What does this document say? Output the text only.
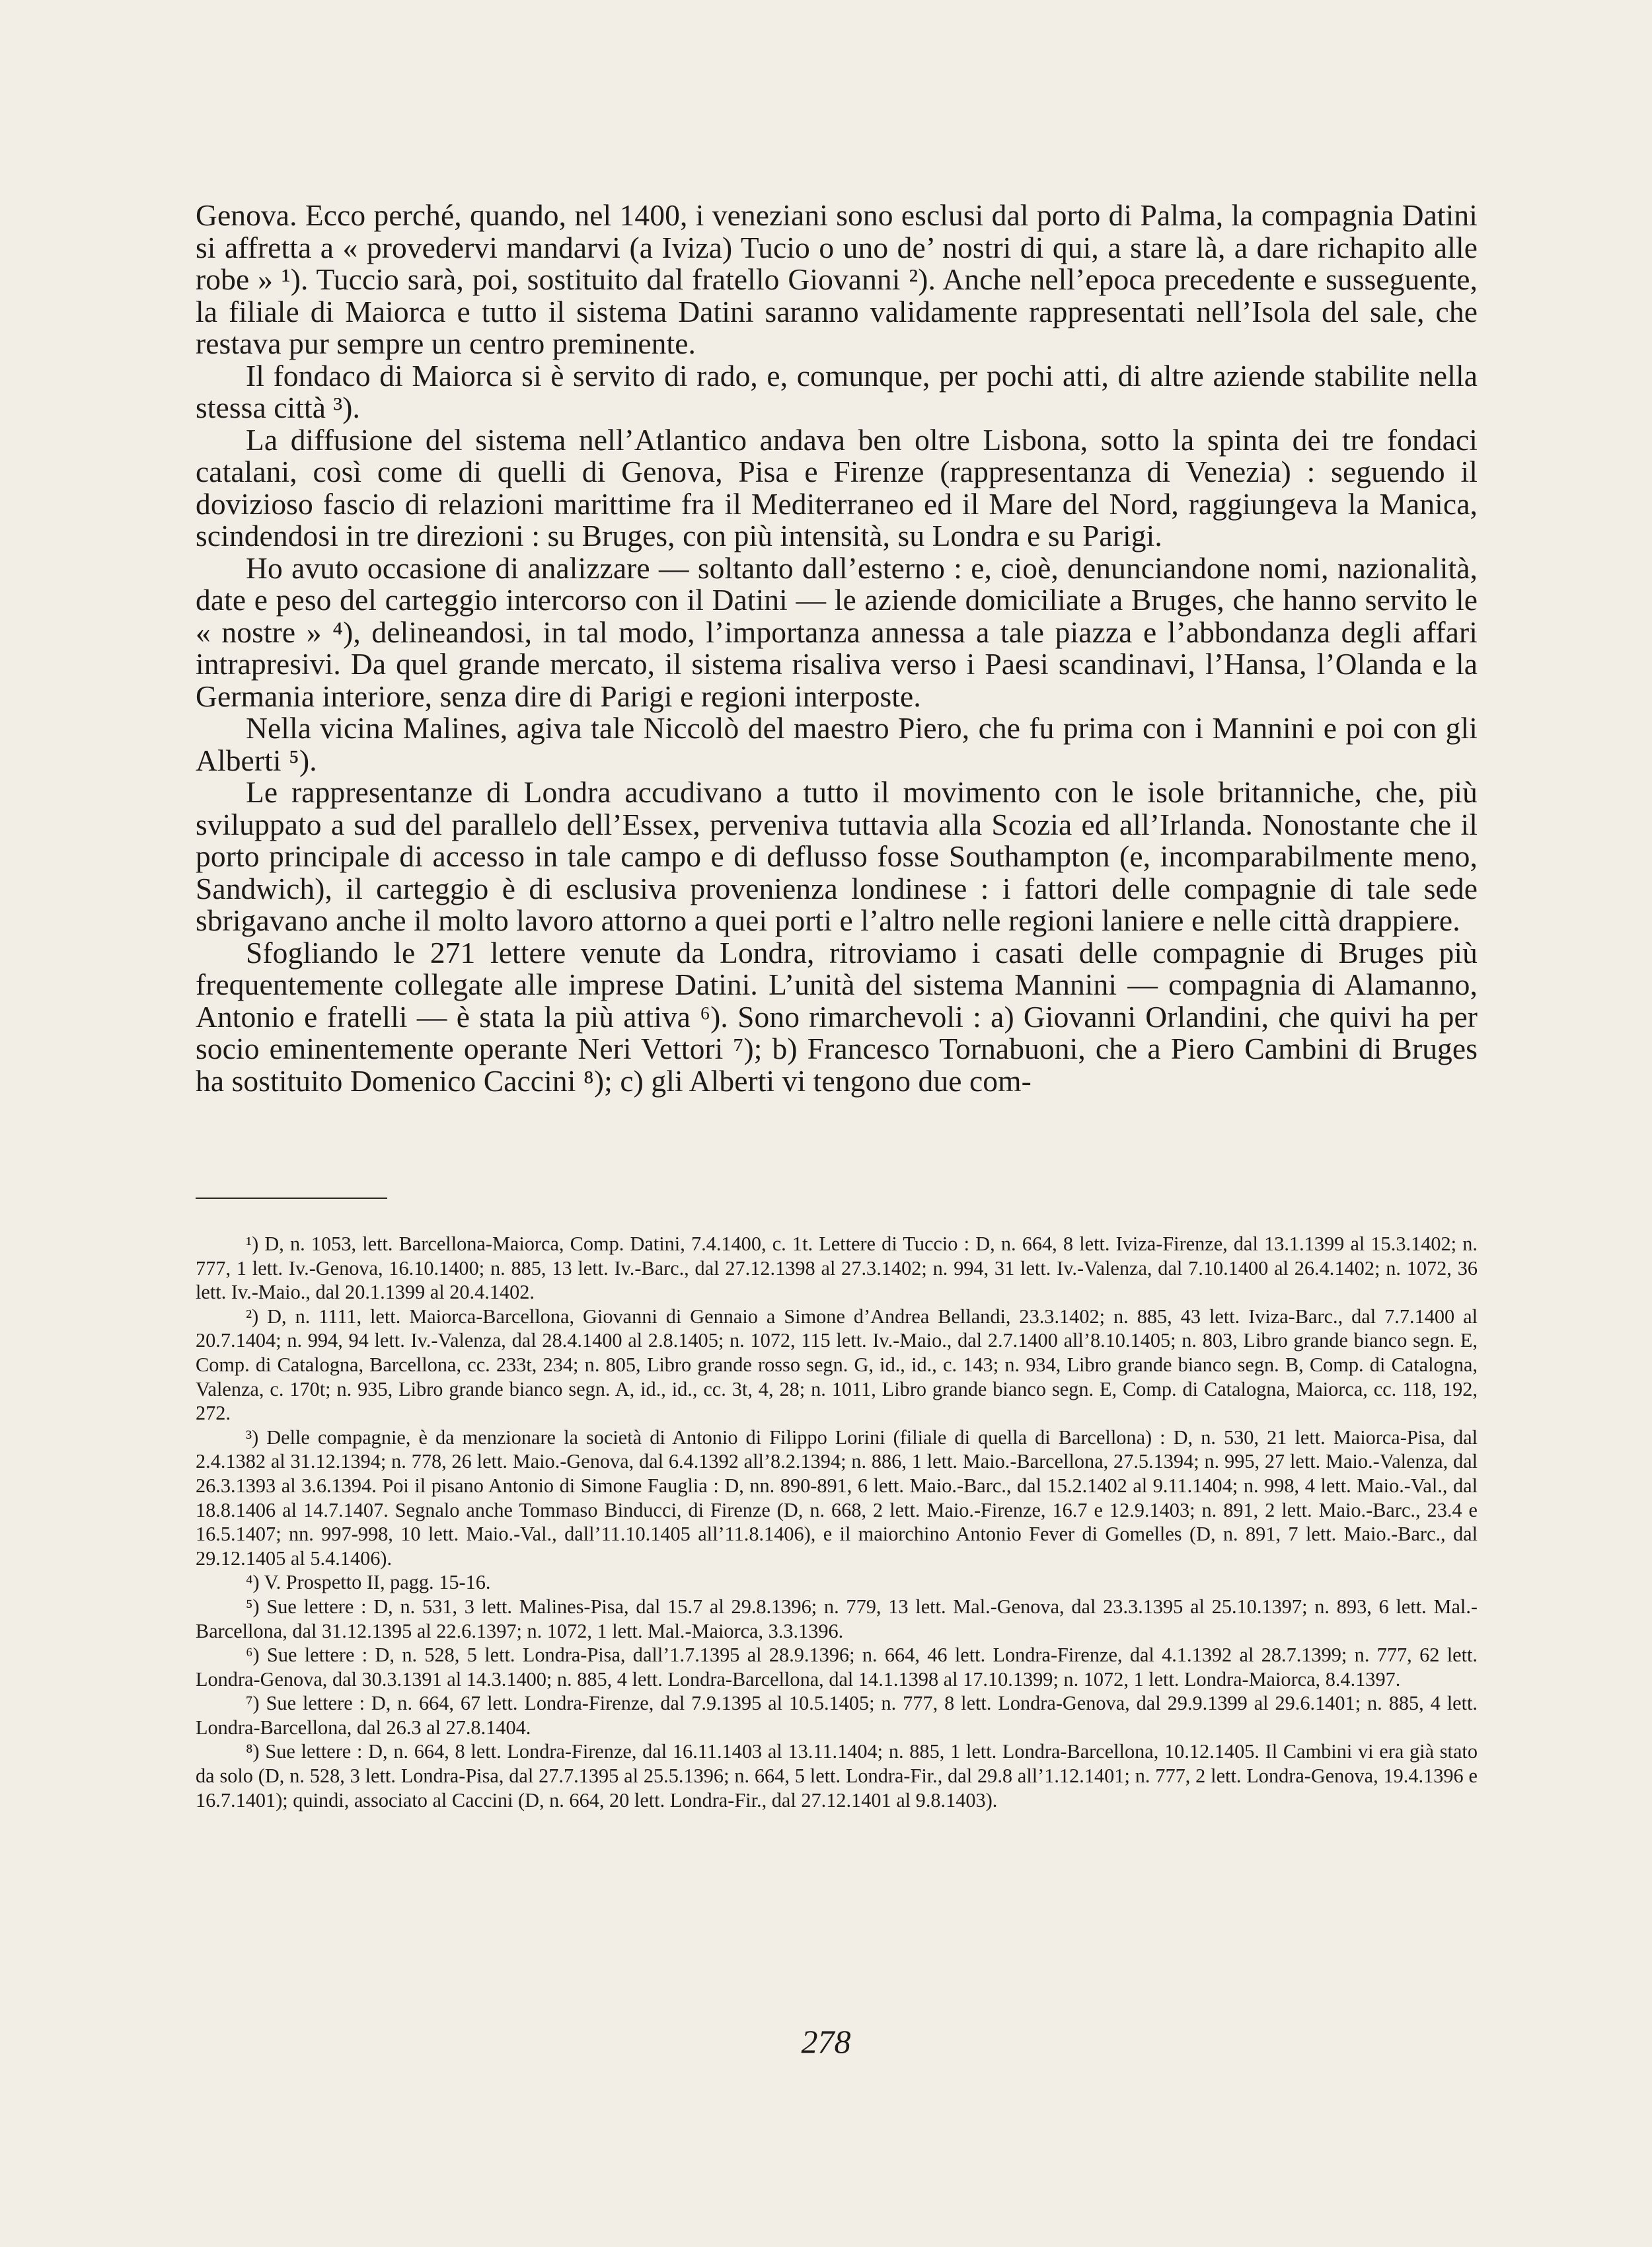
Genova. Ecco perché, quando, nel 1400, i veneziani sono esclusi dal porto di Palma, la compagnia Datini si affretta a « provedervi mandarvi (a Iviza) Tucio o uno de’ nostri di qui, a stare là, a dare richapito alle robe » ¹). Tuccio sarà, poi, sostituito dal fratello Giovanni ²). Anche nell’epoca precedente e susseguente, la filiale di Maiorca e tutto il sistema Datini saranno validamente rappresentati nell’Isola del sale, che restava pur sempre un centro preminente.

Il fondaco di Maiorca si è servito di rado, e, comunque, per pochi atti, di altre aziende stabilite nella stessa città ³).

La diffusione del sistema nell’Atlantico andava ben oltre Lisbona, sotto la spinta dei tre fondaci catalani, così come di quelli di Genova, Pisa e Firenze (rappresentanza di Venezia) : seguendo il dovizioso fascio di relazioni marittime fra il Mediterraneo ed il Mare del Nord, raggiungeva la Manica, scindendosi in tre direzioni : su Bruges, con più intensità, su Londra e su Parigi.

Ho avuto occasione di analizzare — soltanto dall’esterno : e, cioè, denunciandone nomi, nazionalità, date e peso del carteggio intercorso con il Datini — le aziende domiciliate a Bruges, che hanno servito le « nostre » ⁴), delineandosi, in tal modo, l’importanza annessa a tale piazza e l’abbondanza degli affari intrapresivi. Da quel grande mercato, il sistema risaliva verso i Paesi scandinavi, l’Hansa, l’Olanda e la Germania interiore, senza dire di Parigi e regioni interposte.

Nella vicina Malines, agiva tale Niccolò del maestro Piero, che fu prima con i Mannini e poi con gli Alberti ⁵).

Le rappresentanze di Londra accudivano a tutto il movimento con le isole britanniche, che, più sviluppato a sud del parallelo dell’Essex, perveniva tuttavia alla Scozia ed all’Irlanda. Nonostante che il porto principale di accesso in tale campo e di deflusso fosse Southampton (e, incomparabilmente meno, Sandwich), il carteggio è di esclusiva provenienza londinese : i fattori delle compagnie di tale sede sbrigavano anche il molto lavoro attorno a quei porti e l’altro nelle regioni laniere e nelle città drappiere.

Sfogliando le 271 lettere venute da Londra, ritroviamo i casati delle compagnie di Bruges più frequentemente collegate alle imprese Datini. L’unità del sistema Mannini — compagnia di Alamanno, Antonio e fratelli — è stata la più attiva ⁶). Sono rimarchevoli : a) Giovanni Orlandini, che quivi ha per socio eminentemente operante Neri Vettori ⁷); b) Francesco Tornabuoni, che a Piero Cambini di Bruges ha sostituito Domenico Caccini ⁸); c) gli Alberti vi tengono due com-

¹) D, n. 1053, lett. Barcellona-Maiorca, Comp. Datini, 7.4.1400, c. 1t. Lettere di Tuccio : D, n. 664, 8 lett. Iviza-Firenze, dal 13.1.1399 al 15.3.1402; n. 777, 1 lett. Iv.-Genova, 16.10.1400; n. 885, 13 lett. Iv.-Barc., dal 27.12.1398 al 27.3.1402; n. 994, 31 lett. Iv.-Valenza, dal 7.10.1400 al 26.4.1402; n. 1072, 36 lett. Iv.-Maio., dal 20.1.1399 al 20.4.1402.

²) D, n. 1111, lett. Maiorca-Barcellona, Giovanni di Gennaio a Simone d’Andrea Bellandi, 23.3.1402; n. 885, 43 lett. Iviza-Barc., dal 7.7.1400 al 20.7.1404; n. 994, 94 lett. Iv.-Valenza, dal 28.4.1400 al 2.8.1405; n. 1072, 115 lett. Iv.-Maio., dal 2.7.1400 all’8.10.1405; n. 803, Libro grande bianco segn. E, Comp. di Catalogna, Barcellona, cc. 233t, 234; n. 805, Libro grande rosso segn. G, id., id., c. 143; n. 934, Libro grande bianco segn. B, Comp. di Catalogna, Valenza, c. 170t; n. 935, Libro grande bianco segn. A, id., id., cc. 3t, 4, 28; n. 1011, Libro grande bianco segn. E, Comp. di Catalogna, Maiorca, cc. 118, 192, 272.

³) Delle compagnie, è da menzionare la società di Antonio di Filippo Lorini (filiale di quella di Barcellona) : D, n. 530, 21 lett. Maiorca-Pisa, dal 2.4.1382 al 31.12.1394; n. 778, 26 lett. Maio.-Genova, dal 6.4.1392 all’8.2.1394; n. 886, 1 lett. Maio.-Barcellona, 27.5.1394; n. 995, 27 lett. Maio.-Valenza, dal 26.3.1393 al 3.6.1394. Poi il pisano Antonio di Simone Fauglia : D, nn. 890-891, 6 lett. Maio.-Barc., dal 15.2.1402 al 9.11.1404; n. 998, 4 lett. Maio.-Val., dal 18.8.1406 al 14.7.1407. Segnalo anche Tommaso Binducci, di Firenze (D, n. 668, 2 lett. Maio.-Firenze, 16.7 e 12.9.1403; n. 891, 2 lett. Maio.-Barc., 23.4 e 16.5.1407; nn. 997-998, 10 lett. Maio.-Val., dall’11.10.1405 all’11.8.1406), e il maiorchino Antonio Fever di Gomelles (D, n. 891, 7 lett. Maio.-Barc., dal 29.12.1405 al 5.4.1406).

⁴) V. Prospetto II, pagg. 15-16.

⁵) Sue lettere : D, n. 531, 3 lett. Malines-Pisa, dal 15.7 al 29.8.1396; n. 779, 13 lett. Mal.-Genova, dal 23.3.1395 al 25.10.1397; n. 893, 6 lett. Mal.-Barcellona, dal 31.12.1395 al 22.6.1397; n. 1072, 1 lett. Mal.-Maiorca, 3.3.1396.

⁶) Sue lettere : D, n. 528, 5 lett. Londra-Pisa, dall’1.7.1395 al 28.9.1396; n. 664, 46 lett. Londra-Firenze, dal 4.1.1392 al 28.7.1399; n. 777, 62 lett. Londra-Genova, dal 30.3.1391 al 14.3.1400; n. 885, 4 lett. Londra-Barcellona, dal 14.1.1398 al 17.10.1399; n. 1072, 1 lett. Londra-Maiorca, 8.4.1397.

⁷) Sue lettere : D, n. 664, 67 lett. Londra-Firenze, dal 7.9.1395 al 10.5.1405; n. 777, 8 lett. Londra-Genova, dal 29.9.1399 al 29.6.1401; n. 885, 4 lett. Londra-Barcellona, dal 26.3 al 27.8.1404.

⁸) Sue lettere : D, n. 664, 8 lett. Londra-Firenze, dal 16.11.1403 al 13.11.1404; n. 885, 1 lett. Londra-Barcellona, 10.12.1405. Il Cambini vi era già stato da solo (D, n. 528, 3 lett. Londra-Pisa, dal 27.7.1395 al 25.5.1396; n. 664, 5 lett. Londra-Fir., dal 29.8 all’1.12.1401; n. 777, 2 lett. Londra-Genova, 19.4.1396 e 16.7.1401); quindi, associato al Caccini (D, n. 664, 20 lett. Londra-Fir., dal 27.12.1401 al 9.8.1403).

278
